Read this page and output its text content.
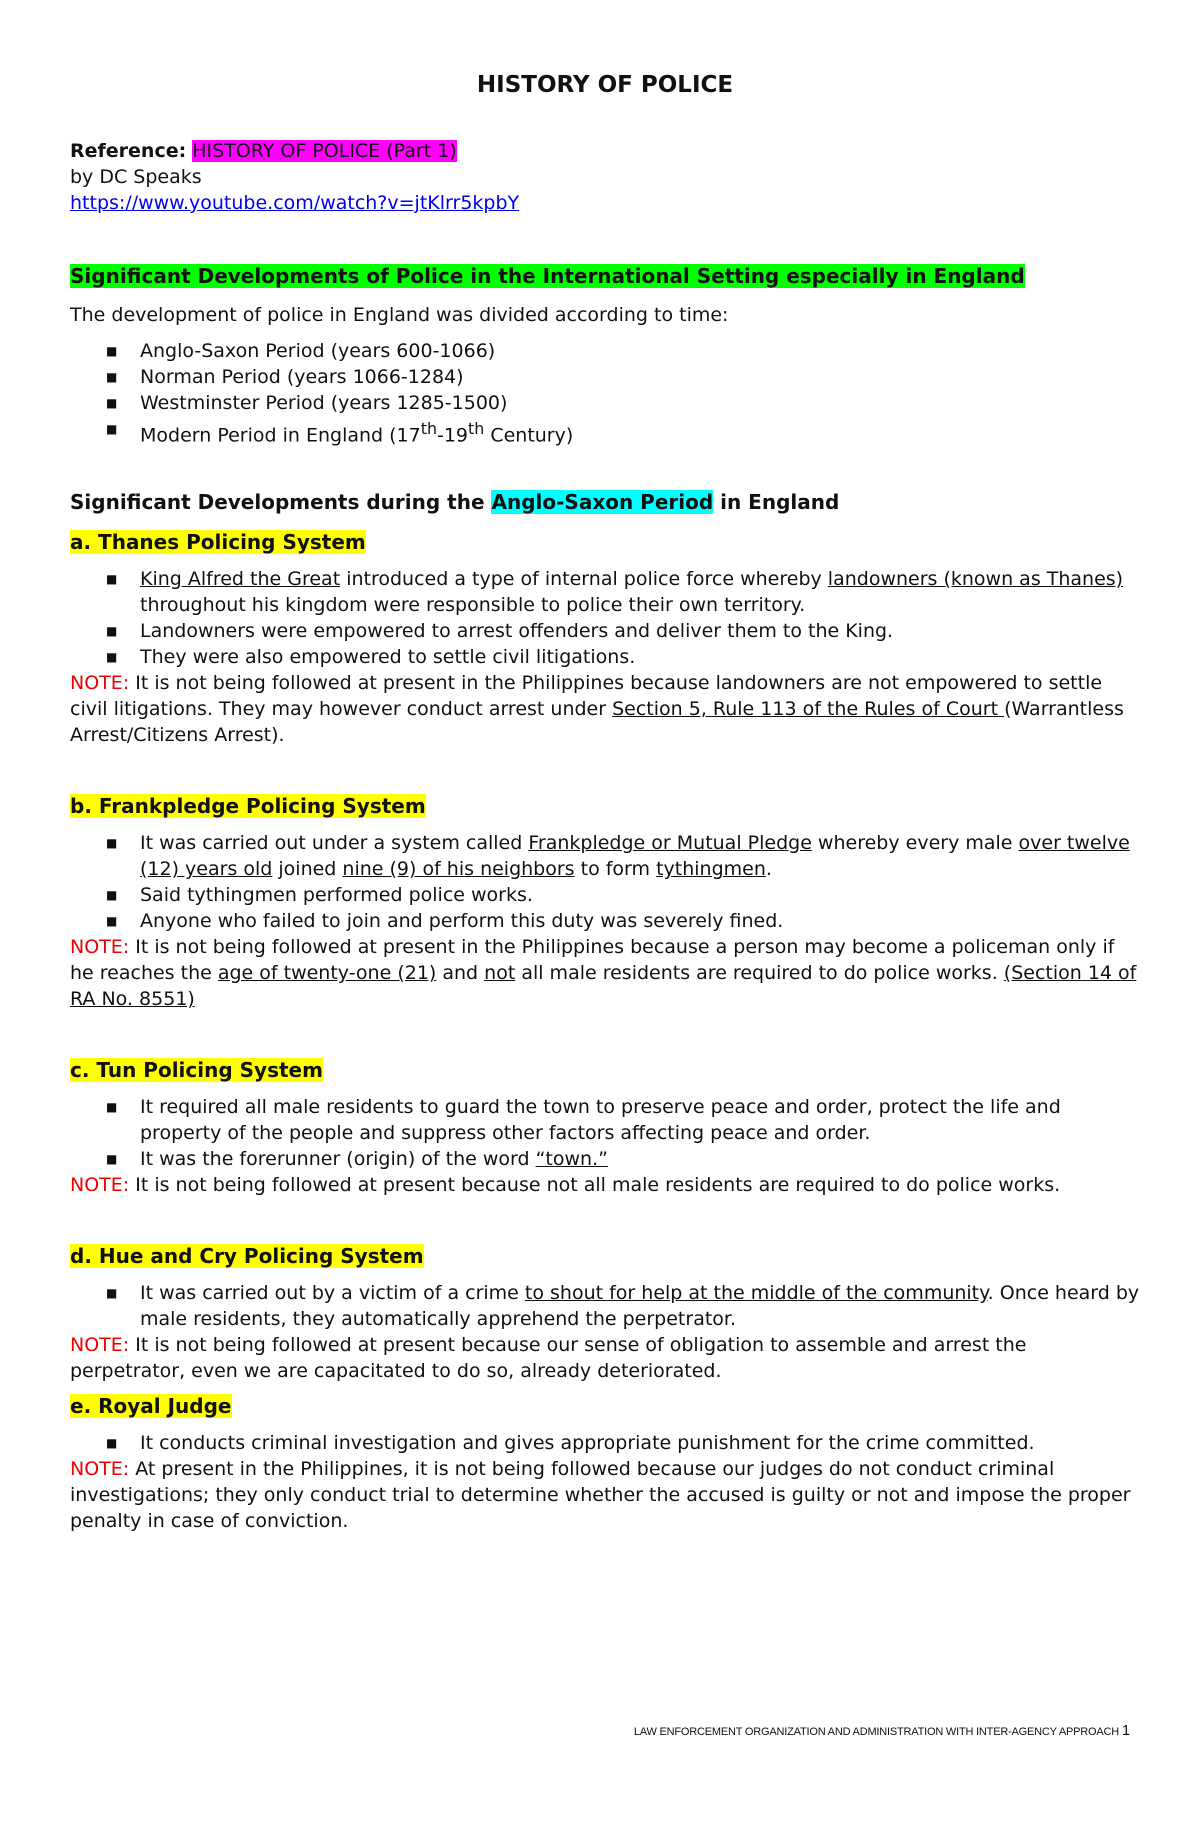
HISTORY OF POLICE

Reference: HISTORY OF POLICE (Part 1)

by DC Speaks

https://www.youtube.com/watch?v=jtKlrr5kpbY

Significant Developments of Police in the International Setting especially in England

The development of police in England was divided according to time:

■ Anglo-Saxon Period (years 600-1066)
■ Norman Period (years 1066-1284)
■ Westminster Period (years 1285-1500)
■ Modern Period in England (17th-19th Century)
Significant Developments during the Anglo-Saxon Period in England
a. Thanes Policing System
■ King Alfred the Great introduced a type of internal police force whereby landowners (known as Thanes) throughout his kingdom were responsible to police their own territory.
■ Landowners were empowered to arrest offenders and deliver them to the King.
■ They were also empowered to settle civil litigations.

NOTE: It is not being followed at present in the Philippines because landowners are not empowered to settle civil litigations. They may however conduct arrest under Section 5, Rule 113 of the Rules of Court (Warrantless Arrest/Citizens Arrest).

b. Frankpledge Policing System
■ It was carried out under a system called Frankpledge or Mutual Pledge whereby every male over twelve (12) years old joined nine (9) of his neighbors to form tythingmen.
■ Said tythingmen performed police works.
■ Anyone who failed to join and perform this duty was severely fined.

NOTE: It is not being followed at present in the Philippines because a person may become a policeman only if he reaches the age of twenty-one (21) and not all male residents are required to do police works. (Section 14 of RA No. 8551)

c. Tun Policing System
■ It required all male residents to guard the town to preserve peace and order, protect the life and property of the people and suppress other factors affecting peace and order.
■ It was the forerunner (origin) of the word “town.”

NOTE: It is not being followed at present because not all male residents are required to do police works.

d. Hue and Cry Policing System
■ It was carried out by a victim of a crime to shout for help at the middle of the community. Once heard by male residents, they automatically apprehend the perpetrator.

NOTE: It is not being followed at present because our sense of obligation to assemble and arrest the perpetrator, even we are capacitated to do so, already deteriorated.

e. Royal Judge
■ It conducts criminal investigation and gives appropriate punishment for the crime committed.

NOTE: At present in the Philippines, it is not being followed because our judges do not conduct criminal investigations; they only conduct trial to determine whether the accused is guilty or not and impose the proper penalty in case of conviction.

LAW ENFORCEMENT ORGANIZATION AND ADMINISTRATION WITH INTER-AGENCY APPROACH 1
